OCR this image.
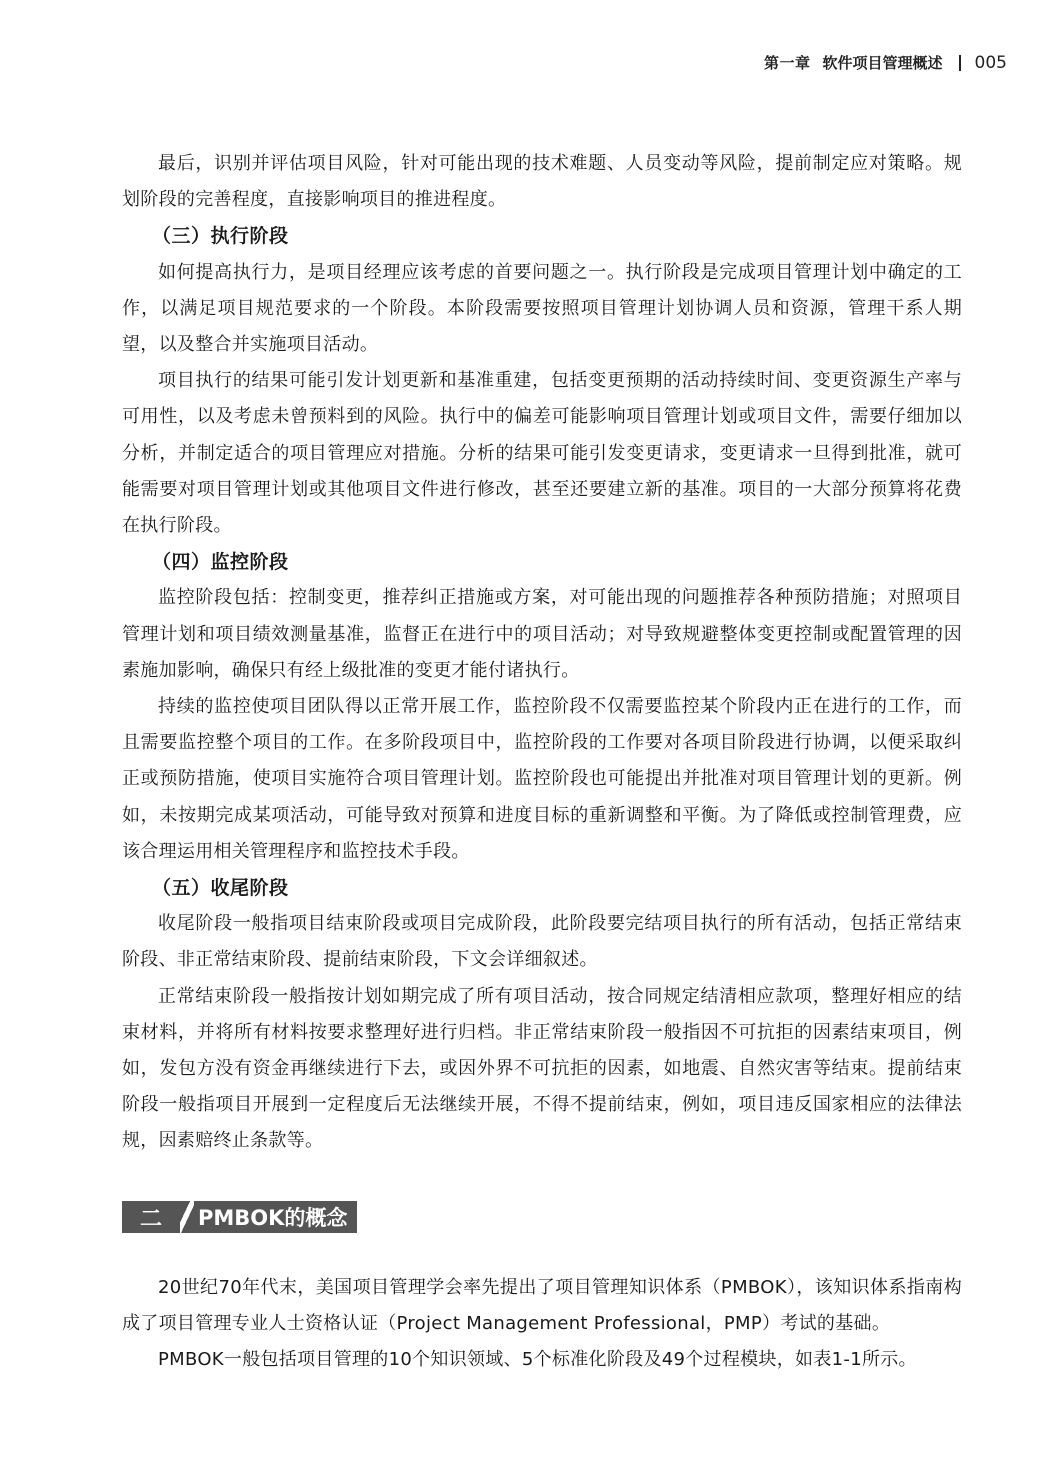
第一章 软件项目管理概述 005

最后，识别并评估项目风险，针对可能出现的技术难题、人员变动等风险，提前制定应对策略。规划阶段的完善程度，直接影响项目的推进程度。

（三）执行阶段

如何提高执行力，是项目经理应该考虑的首要问题之一。执行阶段是完成项目管理计划中确定的工作，以满足项目规范要求的一个阶段。本阶段需要按照项目管理计划协调人员和资源，管理干系人期望，以及整合并实施项目活动。

项目执行的结果可能引发计划更新和基准重建，包括变更预期的活动持续时间、变更资源生产率与可用性，以及考虑未曾预料到的风险。执行中的偏差可能影响项目管理计划或项目文件，需要仔细加以分析，并制定适合的项目管理应对措施。分析的结果可能引发变更请求，变更请求一旦得到批准，就可能需要对项目管理计划或其他项目文件进行修改，甚至还要建立新的基准。项目的一大部分预算将花费在执行阶段。

（四）监控阶段

监控阶段包括：控制变更，推荐纠正措施或方案，对可能出现的问题推荐各种预防措施；对照项目管理计划和项目绩效测量基准，监督正在进行中的项目活动；对导致规避整体变更控制或配置管理的因素施加影响，确保只有经上级批准的变更才能付诸执行。

持续的监控使项目团队得以正常开展工作，监控阶段不仅需要监控某个阶段内正在进行的工作，而且需要监控整个项目的工作。在多阶段项目中，监控阶段的工作要对各项目阶段进行协调，以便采取纠正或预防措施，使项目实施符合项目管理计划。监控阶段也可能提出并批准对项目管理计划的更新。例如，未按期完成某项活动，可能导致对预算和进度目标的重新调整和平衡。为了降低或控制管理费，应该合理运用相关管理程序和监控技术手段。

（五）收尾阶段

收尾阶段一般指项目结束阶段或项目完成阶段，此阶段要完结项目执行的所有活动，包括正常结束阶段、非正常结束阶段、提前结束阶段，下文会详细叙述。

正常结束阶段一般指按计划如期完成了所有项目活动，按合同规定结清相应款项，整理好相应的结束材料，并将所有材料按要求整理好进行归档。非正常结束阶段一般指因不可抗拒的因素结束项目，例如，发包方没有资金再继续进行下去，或因外界不可抗拒的因素，如地震、自然灾害等结束。提前结束阶段一般指项目开展到一定程度后无法继续开展，不得不提前结束，例如，项目违反国家相应的法律法规，因素赔终止条款等。

二	PMBOK的概念

20世纪70年代末，美国项目管理学会率先提出了项目管理知识体系（PMBOK），该知识体系指南构成了项目管理专业人士资格认证（Project Management Professional，PMP）考试的基础。

PMBOK一般包括项目管理的10个知识领域、5个标准化阶段及49个过程模块，如表1-1所示。
